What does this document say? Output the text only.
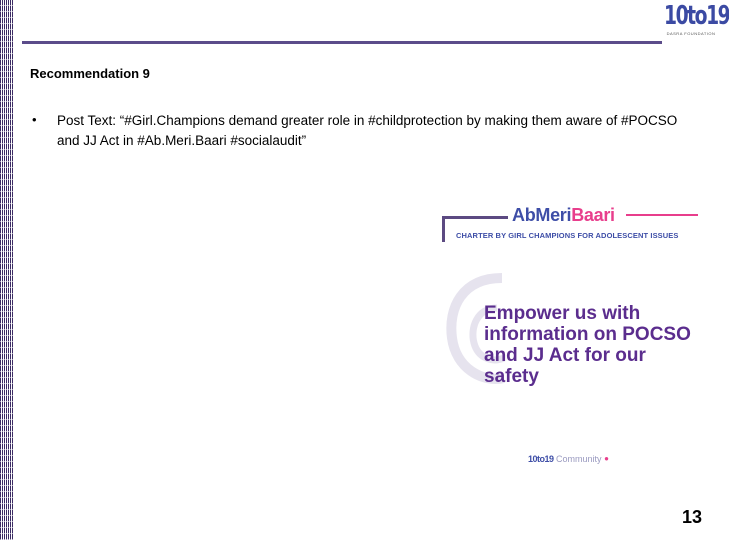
10to19
DASRA FOUNDATION
Recommendation 9
• Post Text: “#Girl.Champions demand greater role in #childprotection by making them aware of #POCSO and JJ Act in #Ab.Meri.Baari #socialaudit”
AbMeriBaari
CHARTER BY GIRL CHAMPIONS FOR ADOLESCENT ISSUES
Empower us with information on POCSO and JJ Act for our safety
10to19 Community ●
13
